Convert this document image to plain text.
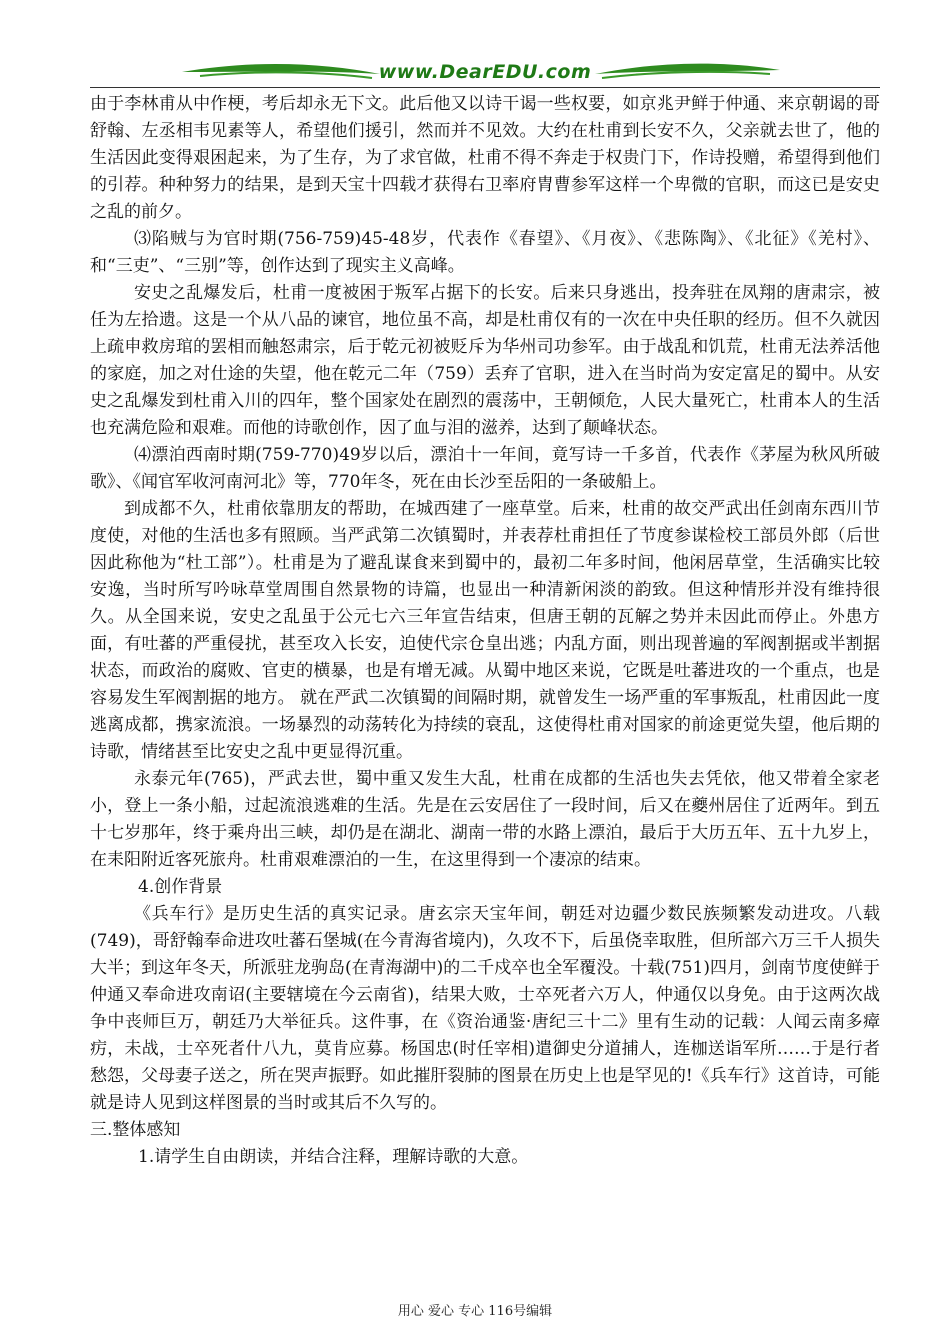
www.DearEDU.com

由于李林甫从中作梗，考后却永无下文。此后他又以诗干谒一些权要，如京兆尹鲜于仲通、来京朝谒的哥舒翰、左丞相韦见素等人，希望他们援引，然而并不见效。大约在杜甫到长安不久，父亲就去世了，他的生活因此变得艰困起来，为了生存，为了求官做，杜甫不得不奔走于权贵门下，作诗投赠，希望得到他们的引荐。种种努力的结果，是到天宝十四载才获得右卫率府胄曹参军这样一个卑微的官职，而这已是安史之乱的前夕。

⑶陷贼与为官时期(756-759)45-48岁，代表作《春望》、《月夜》、《悲陈陶》、《北征》《羌村》、和“三吏”、“三别”等，创作达到了现实主义高峰。

安史之乱爆发后，杜甫一度被困于叛军占据下的长安。后来只身逃出，投奔驻在凤翔的唐肃宗，被任为左拾遗。这是一个从八品的谏官，地位虽不高，却是杜甫仅有的一次在中央任职的经历。但不久就因上疏申救房琯的罢相而触怒肃宗，后于乾元初被贬斥为华州司功参军。由于战乱和饥荒，杜甫无法养活他的家庭，加之对仕途的失望，他在乾元二年（759）丢弃了官职，进入在当时尚为安定富足的蜀中。从安史之乱爆发到杜甫入川的四年，整个国家处在剧烈的震荡中，王朝倾危，人民大量死亡，杜甫本人的生活也充满危险和艰难。而他的诗歌创作，因了血与泪的滋养，达到了颠峰状态。

⑷漂泊西南时期(759-770)49岁以后，漂泊十一年间，竟写诗一千多首，代表作《茅屋为秋风所破歌》、《闻官军收河南河北》等，770年冬，死在由长沙至岳阳的一条破船上。

到成都不久，杜甫依靠朋友的帮助，在城西建了一座草堂。后来，杜甫的故交严武出任剑南东西川节度使，对他的生活也多有照顾。当严武第二次镇蜀时，并表荐杜甫担任了节度参谋检校工部员外郎（后世因此称他为“杜工部”）。杜甫是为了避乱谋食来到蜀中的，最初二年多时间，他闲居草堂，生活确实比较安逸，当时所写吟咏草堂周围自然景物的诗篇，也显出一种清新闲淡的韵致。但这种情形并没有维持很久。从全国来说，安史之乱虽于公元七六三年宣告结束，但唐王朝的瓦解之势并未因此而停止。外患方面，有吐蕃的严重侵扰，甚至攻入长安，迫使代宗仓皇出逃；内乱方面，则出现普遍的军阀割据或半割据状态，而政治的腐败、官吏的横暴，也是有增无减。从蜀中地区来说，它既是吐蕃进攻的一个重点，也是容易发生军阀割据的地方。 就在严武二次镇蜀的间隔时期，就曾发生一场严重的军事叛乱，杜甫因此一度逃离成都，携家流浪。一场暴烈的动荡转化为持续的衰乱，这使得杜甫对国家的前途更觉失望，他后期的诗歌，情绪甚至比安史之乱中更显得沉重。

永泰元年(765)，严武去世，蜀中重又发生大乱，杜甫在成都的生活也失去凭依，他又带着全家老小，登上一条小船，过起流浪逃难的生活。先是在云安居住了一段时间，后又在夔州居住了近两年。到五十七岁那年，终于乘舟出三峡，却仍是在湖北、湖南一带的水路上漂泊，最后于大历五年、五十九岁上，在耒阳附近客死旅舟。杜甫艰难漂泊的一生，在这里得到一个凄凉的结束。

4.创作背景

《兵车行》是历史生活的真实记录。唐玄宗天宝年间，朝廷对边疆少数民族频繁发动进攻。八载(749)，哥舒翰奉命进攻吐蕃石堡城(在今青海省境内)，久攻不下，后虽侥幸取胜，但所部六万三千人损失大半；到这年冬天，所派驻龙驹岛(在青海湖中)的二千戍卒也全军覆没。十载(751)四月，剑南节度使鲜于仲通又奉命进攻南诏(主要辖境在今云南省)，结果大败，士卒死者六万人，仲通仅以身免。由于这两次战争中丧师巨万，朝廷乃大举征兵。这件事，在《资治通鉴·唐纪三十二》里有生动的记载：人闻云南多瘴疠，未战，士卒死者什八九，莫肯应募。杨国忠(时任宰相)遣御史分道捕人，连枷送诣军所……于是行者愁怨，父母妻子送之，所在哭声振野。如此摧肝裂肺的图景在历史上也是罕见的!《兵车行》这首诗，可能就是诗人见到这样图景的当时或其后不久写的。

三.整体感知

1.请学生自由朗读，并结合注释，理解诗歌的大意。

用心 爱心 专心 116号编辑
